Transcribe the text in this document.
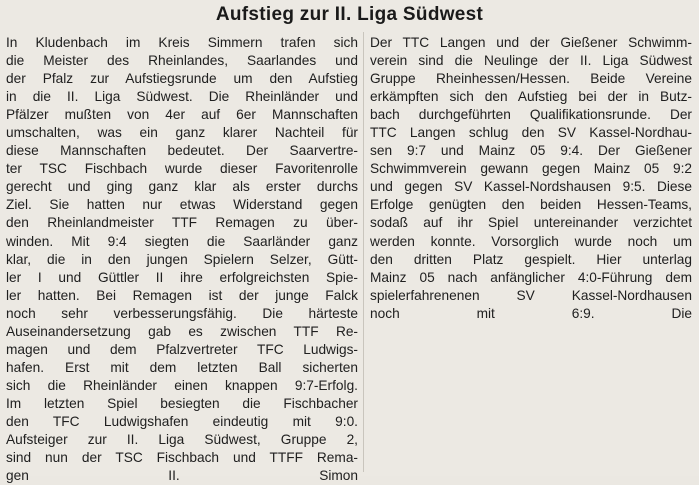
Aufstieg zur II. Liga Südwest
In Kludenbach im Kreis Simmern trafen sich
die Meister des Rheinlandes, Saarlandes und
der Pfalz zur Aufstiegsrunde um den Aufstieg
in die II. Liga Südwest. Die Rheinländer und
Pfälzer mußten von 4er auf 6er Mannschaften
umschalten, was ein ganz klarer Nachteil für
diese Mannschaften bedeutet. Der Saarvertre-
ter TSC Fischbach wurde dieser Favoritenrolle
gerecht und ging ganz klar als erster durchs
Ziel. Sie hatten nur etwas Widerstand gegen
den Rheinlandmeister TTF Remagen zu über-
winden. Mit 9:4 siegten die Saarländer ganz
klar, die in den jungen Spielern Selzer, Gütt-
ler I und Güttler II ihre erfolgreichsten Spie-
ler hatten. Bei Remagen ist der junge Falck
noch sehr verbesserungsfähig. Die härteste
Auseinandersetzung gab es zwischen TTF Re-
magen und dem Pfalzvertreter TFC Ludwigs-
hafen. Erst mit dem letzten Ball sicherten
sich die Rheinländer einen knappen 9:7-Erfolg.
Im letzten Spiel besiegten die Fischbacher
den TFC Ludwigshafen eindeutig mit 9:0.
Aufsteiger zur II. Liga Südwest, Gruppe 2,
sind nun der TSC Fischbach und TTFF Rema-
gen II. Simon
Der TTC Langen und der Gießener Schwimm-
verein sind die Neulinge der II. Liga Südwest
Gruppe Rheinhessen/Hessen. Beide Vereine
erkämpften sich den Aufstieg bei der in Butz-
bach durchgeführten Qualifikationsrunde. Der
TTC Langen schlug den SV Kassel-Nordhau-
sen 9:7 und Mainz 05 9:4. Der Gießener
Schwimmverein gewann gegen Mainz 05 9:2
und gegen SV Kassel-Nordshausen 9:5. Diese
Erfolge genügten den beiden Hessen-Teams,
sodaß auf ihr Spiel untereinander verzichtet
werden konnte. Vorsorglich wurde noch um
den dritten Platz gespielt. Hier unterlag
Mainz 05 nach anfänglicher 4:0-Führung dem
spielerfahrenenen SV Kassel-Nordhausen
noch mit 6:9. Die
